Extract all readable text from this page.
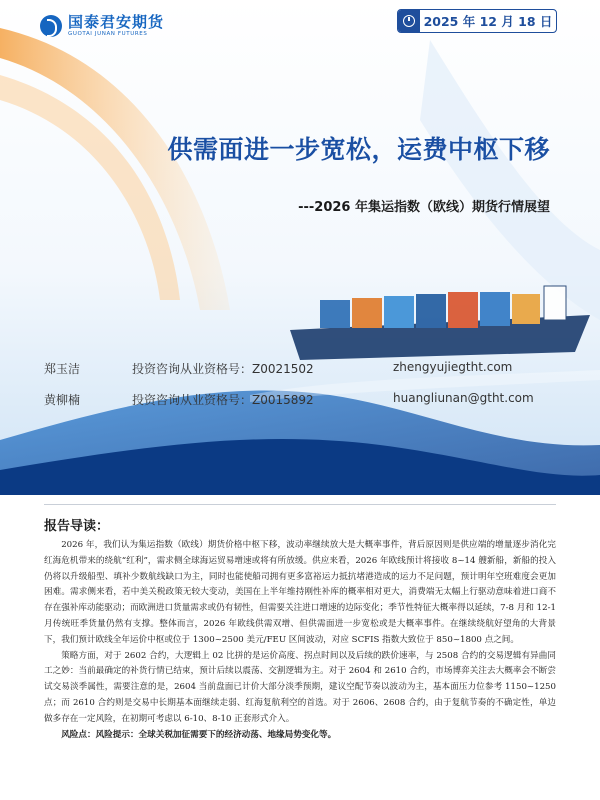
国泰君安期货
GUOTAI JUNAN FUTURES
2025 年 12 月 18 日
供需面进一步宽松，运费中枢下移
---2026 年集运指数（欧线）期货行情展望
郑玉洁	投资咨询从业资格号：Z0021502	zhengyujiegtht.com
黄柳楠	投资咨询从业资格号：Z0015892	huangliunan@gtht.com
报告导读：

2026 年，我们认为集运指数（欧线）期货价格中枢下移，波动率继续放大是大概率事件，背后原因则是供应端的增量逐步消化完红海危机带来的绕航“红利”，需求侧全球海运贸易增速或将有所放缓。供应来看，2026 年欧线预计将接收 8~14 艘新船，新船的投入仍将以升级船型、填补少数航线缺口为主，同时也能使船司拥有更多富裕运力抵抗堵港造成的运力不足问题，预计明年空班难度会更加困难。需求侧来看，若中美关税政策无较大变动，美国在上半年维持刚性补库的概率相对更大，消费端无太幅上行驱动意味着进口商不存在强补库动能驱动；而欧洲进口货量需求或仍有韧性，但需要关注进口增速的边际变化；季节性特征大概率得以延续，7-8 月和 12-1 月传统旺季货量仍然有支撑。整体而言，2026 年欧线供需双增、但供需面进一步宽松或是大概率事件。在继续绕航好望角的大背景下，我们预计欧线全年运价中枢或位于 1300~2500 美元/FEU 区间波动，对应 SCFIS 指数大致位于 850~1800 点之间。

策略方面，对于 2602 合约，大逻辑上 02 比拼的是运价高度、拐点时间以及后续的跌价速率，与 2508 合约的交易逻辑有异曲同工之妙：当前最确定的补货行情已结束，预计后续以震荡、交割逻辑为主。对于 2604 和 2610 合约，市场博弈关注去大概率会不断尝试交易淡季属性，需要注意的是，2604 当前盘面已计价大部分淡季预期，建议空配节奏以波动为主，基本面压力位参考 1150~1250 点；而 2610 合约则是交易中长期基本面继续走弱、红海复航利空的首选。对于 2606、2608 合约，由于复航节奏的不确定性，单边做多存在一定风险，在初期可考虑以 6-10、8-10 正套形式介入。

风险点：风险提示：全球关税加征需要下的经济动荡、地缘局势变化等。
